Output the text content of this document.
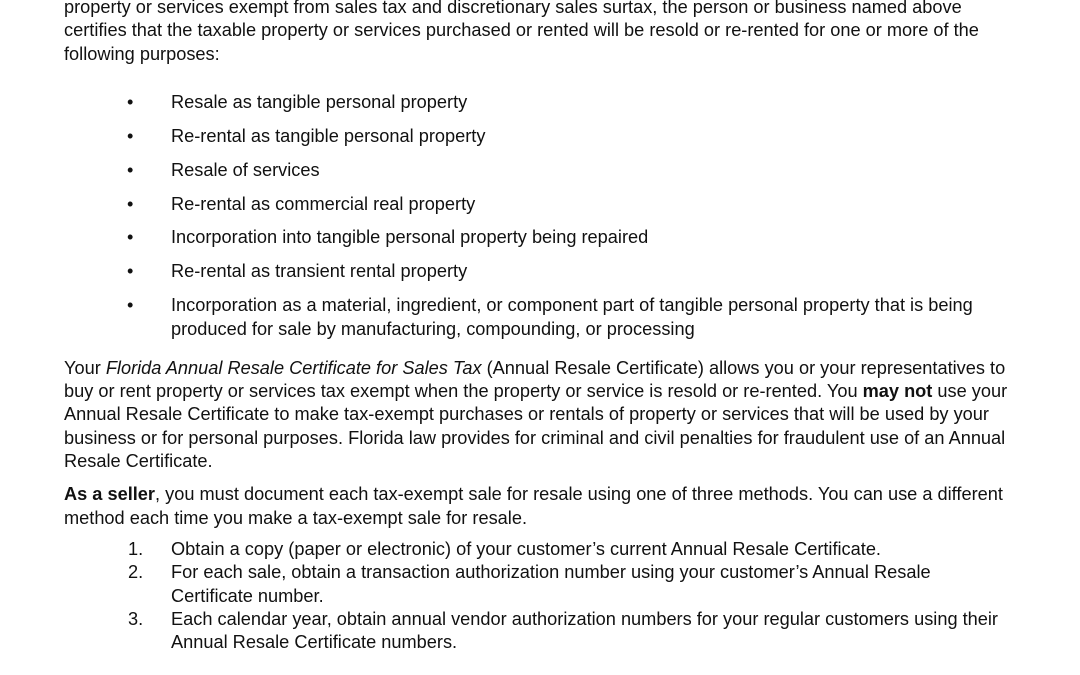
property or services exempt from sales tax and discretionary sales surtax, the person or business named above certifies that the taxable property or services purchased or rented will be resold or re-rented for one or more of the following purposes:

• Resale as tangible personal property
• Re-rental as tangible personal property
• Resale of services
• Re-rental as commercial real property
• Incorporation into tangible personal property being repaired
• Re-rental as transient rental property
• Incorporation as a material, ingredient, or component part of tangible personal property that is being produced for sale by manufacturing, compounding, or processing

Your Florida Annual Resale Certificate for Sales Tax (Annual Resale Certificate) allows you or your representatives to buy or rent property or services tax exempt when the property or service is resold or re-rented. You may not use your Annual Resale Certificate to make tax-exempt purchases or rentals of property or services that will be used by your business or for personal purposes. Florida law provides for criminal and civil penalties for fraudulent use of an Annual Resale Certificate.

As a seller, you must document each tax-exempt sale for resale using one of three methods. You can use a different method each time you make a tax-exempt sale for resale.

1. Obtain a copy (paper or electronic) of your customer’s current Annual Resale Certificate.
2. For each sale, obtain a transaction authorization number using your customer’s Annual Resale Certificate number.
3. Each calendar year, obtain annual vendor authorization numbers for your regular customers using their Annual Resale Certificate numbers.
